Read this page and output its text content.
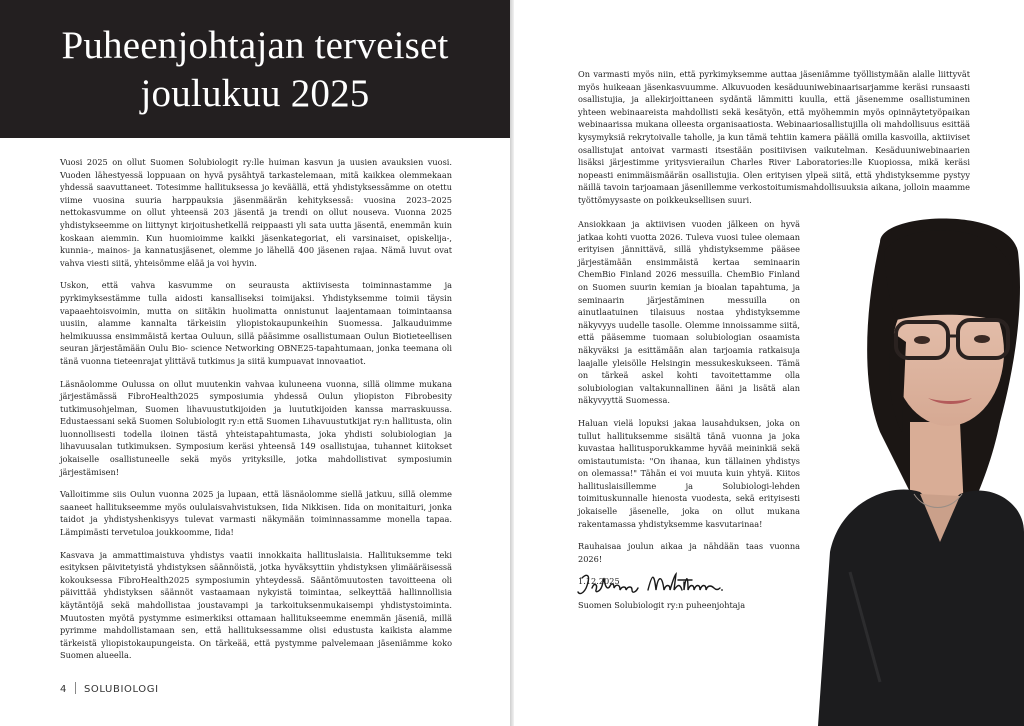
Puheenjohtajan terveiset
joulukuu 2025

Vuosi 2025 on ollut Suomen Solubiologit ry:lle huiman kasvun ja uusien avauksien vuosi. Vuoden lähestyessä loppuaan on hyvä pysähtyä tarkastelemaan, mitä kaikkea olemmekaan yhdessä saavuttaneet. Totesimme hallituksessa jo keväällä, että yhdistyksessämme on otettu viime vuosina suuria harppauksia jäsenmäärän kehityksessä: vuosina 2023–2025 nettokasvumme on ollut yhteensä 203 jäsentä ja trendi on ollut nouseva. Vuonna 2025 yhdistykseemme on liittynyt kirjoitushetkellä reippaasti yli sata uutta jäsentä, enemmän kuin koskaan aiemmin. Kun huomioimme kaikki jäsenkategoriat, eli varsinaiset, opiskelija-, kunnia-, mainos- ja kannatusjäsenet, olemme jo lähellä 400 jäsenen rajaa. Nämä luvut ovat vahva viesti siitä, yhteisömme elää ja voi hyvin.

Uskon, että vahva kasvumme on seurausta aktiivisesta toiminnastamme ja pyrkimyksestämme tulla aidosti kansalliseksi toimijaksi. Yhdistyksemme toimii täysin vapaaehtoisvoimin, mutta on siitäkin huolimatta onnistunut laajentamaan toimintaansa uusiin, alamme kannalta tärkeisiin yliopistokaupunkeihin Suomessa. Jalkauduimme helmikuussa ensimmäistä kertaa Ouluun, sillä pääsimme osallistumaan Oulun Biotieteellisen seuran järjestämään Oulu Bio- science Networking OBNE25-tapahtumaan, jonka teemana oli tänä vuonna tieteenrajat ylittävä tutkimus ja siitä kumpuavat innovaatiot.

Läsnäolomme Oulussa on ollut muutenkin vahvaa kuluneena vuonna, sillä olimme mukana järjestämässä FibroHealth2025 symposiumia yhdessä Oulun yliopiston Fibrobesity tutkimusohjelman, Suomen lihavuustutkijoiden ja luututkijoiden kanssa marraskuussa. Edustaessani sekä Suomen Solubiologit ry:n että Suomen Lihavuustutkijat ry:n hallitusta, olin luonnollisesti todella iloinen tästä yhteistapahtumasta, joka yhdisti solubiologian ja lihavuusalan tutkimuksen. Symposium keräsi yhteensä 149 osallistujaa, tuhannet kiitokset jokaiselle osallistuneelle sekä myös yrityksille, jotka mahdollistivat symposiumin järjestämisen!

Valloitimme siis Oulun vuonna 2025 ja lupaan, että läsnäolomme siellä jatkuu, sillä olemme saaneet hallitukseemme myös oululaisvahvistuksen, Iida Nikkisen. Iida on monitaituri, jonka taidot ja yhdistyshenkisyys tulevat varmasti näkymään toiminnassamme monella tapaa. Lämpimästi tervetuloa joukkoomme, Iida!

Kasvava ja ammattimaistuva yhdistys vaatii innokkaita hallituslaisia. Hallituksemme teki esityksen päivitetyistä yhdistyksen säännöistä, jotka hyväksyttiin yhdistyksen ylimääräisessä kokouksessa FibroHealth2025 symposiumin yhteydessä. Sääntömuutosten tavoitteena oli päivittää yhdistyksen säännöt vastaamaan nykyistä toimintaa, selkeyttää hallinnollisia käytäntöjä sekä mahdollistaa joustavampi ja tarkoituksenmukaisempi yhdistystoiminta. Muutosten myötä pystymme esimerkiksi ottamaan hallitukseemme enemmän jäseniä, millä pyrimme mahdollistamaan sen, että hallituksessamme olisi edustusta kaikista alamme tärkeistä yliopistokaupungeista. On tärkeää, että pystymme palvelemaan jäseniämme koko Suomen alueella.

4 SOLUBIOLOGI

On varmasti myös niin, että pyrkimyksemme auttaa jäseniämme työllistymään alalle liittyvät myös huikeaan jäsenkasvuumme. Alkuvuoden kesäduuniwebinaarisarjamme keräsi runsaasti osallistujia, ja allekirjoittaneen sydäntä lämmitti kuulla, että jäsenemme osallistuminen yhteen webinaareista mahdollisti sekä kesätyön, että myöhemmin myös opinnäytetyöpaikan webinaarissa mukana olleesta organisaatiosta. Webinaariosallistujilla oli mahdollisuus esittää kysymyksiä rekrytoivalle taholle, ja kun tämä tehtiin kamera päällä omilla kasvoilla, aktiiviset osallistujat antoivat varmasti itsestään positiivisen vaikutelman. Kesäduuniwebinaarien lisäksi järjestimme yritysvierailun Charles River Laboratories:lle Kuopiossa, mikä keräsi nopeasti enimmäismäärän osallistujia. Olen erityisen ylpeä siitä, että yhdistyksemme pystyy näillä tavoin tarjoamaan jäsenillemme verkostoitumismahdollisuuksia aikana, jolloin maamme työttömyysaste on poikkeuksellisen suuri.

Ansiokkaan ja aktiivisen vuoden jälkeen on hyvä jatkaa kohti vuotta 2026. Tuleva vuosi tulee olemaan erityisen jännittävä, sillä yhdistyksemme pääsee järjestämään ensimmäistä kertaa seminaarin ChemBio Finland 2026 messuilla. ChemBio Finland on Suomen suurin kemian ja bioalan tapahtuma, ja seminaarin järjestäminen messuilla on ainutlaatuinen tilaisuus nostaa yhdistyksemme näkyvyys uudelle tasolle. Olemme innoissamme siitä, että pääsemme tuomaan solubiologian osaamista näkyväksi ja esittämään alan tarjoamia ratkaisuja laajalle yleisölle Helsingin messukeskukseen. Tämä on tärkeä askel kohti tavoitettamme olla solubiologian valtakunnallinen ääni ja lisätä alan näkyvyyttä Suomessa.

Haluan vielä lopuksi jakaa lausahduksen, joka on tullut hallituksemme sisältä tänä vuonna ja joka kuvastaa hallitusporukkamme hyvää meininkiä sekä omistautumista: "On ihanaa, kun tällainen yhdistys on olemassa!" Tähän ei voi muuta kuin yhtyä. Kiitos hallituslaisillemme ja Solubiologi-lehden toimituskunnalle hienosta vuodesta, sekä erityisesti jokaiselle jäsenelle, joka on ollut mukana rakentamassa yhdistyksemme kasvutarinaa!

Rauhaisaa joulun aikaa ja nähdään taas vuonna 2026!

1.12.2025

Suomen Solubiologit ry:n puheenjohtaja
